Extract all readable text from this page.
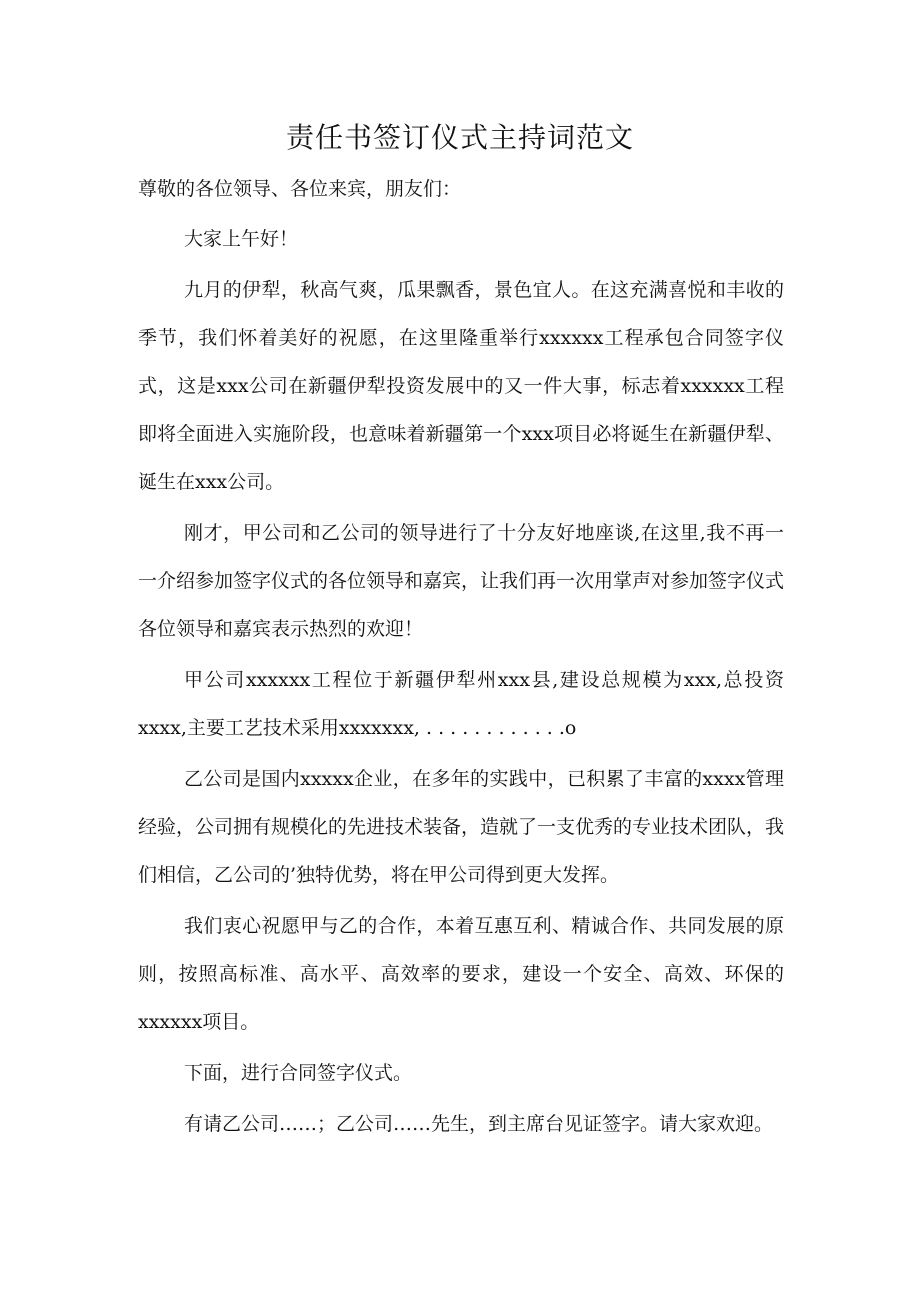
责任书签订仪式主持词范文

尊敬的各位领导、各位来宾，朋友们：

大家上午好！

九月的伊犁，秋高气爽，瓜果飘香，景色宜人。在这充满喜悦和丰收的季节，我们怀着美好的祝愿，在这里隆重举行xxxxxx工程承包合同签字仪式，这是xxx公司在新疆伊犁投资发展中的又一件大事，标志着xxxxxx工程即将全面进入实施阶段，也意味着新疆第一个xxx项目必将诞生在新疆伊犁、诞生在xxx公司。

刚才，甲公司和乙公司的领导进行了十分友好地座谈,在这里,我不再一一介绍参加签字仪式的各位领导和嘉宾，让我们再一次用掌声对参加签字仪式各位领导和嘉宾表示热烈的欢迎！

甲公司xxxxxx工程位于新疆伊犁州xxx县,建设总规模为xxx,总投资xxxx,主要工艺技术采用xxxxxxx, . . . . . . . . . . . .o

乙公司是国内xxxxx企业，在多年的实践中，已积累了丰富的xxxx管理经验，公司拥有规模化的先进技术装备，造就了一支优秀的专业技术团队，我们相信，乙公司的’独特优势，将在甲公司得到更大发挥。

我们衷心祝愿甲与乙的合作，本着互惠互利、精诚合作、共同发展的原则，按照高标准、高水平、高效率的要求，建设一个安全、高效、环保的xxxxxx项目。

下面，进行合同签字仪式。

有请乙公司……；乙公司……先生，到主席台见证签字。请大家欢迎。
